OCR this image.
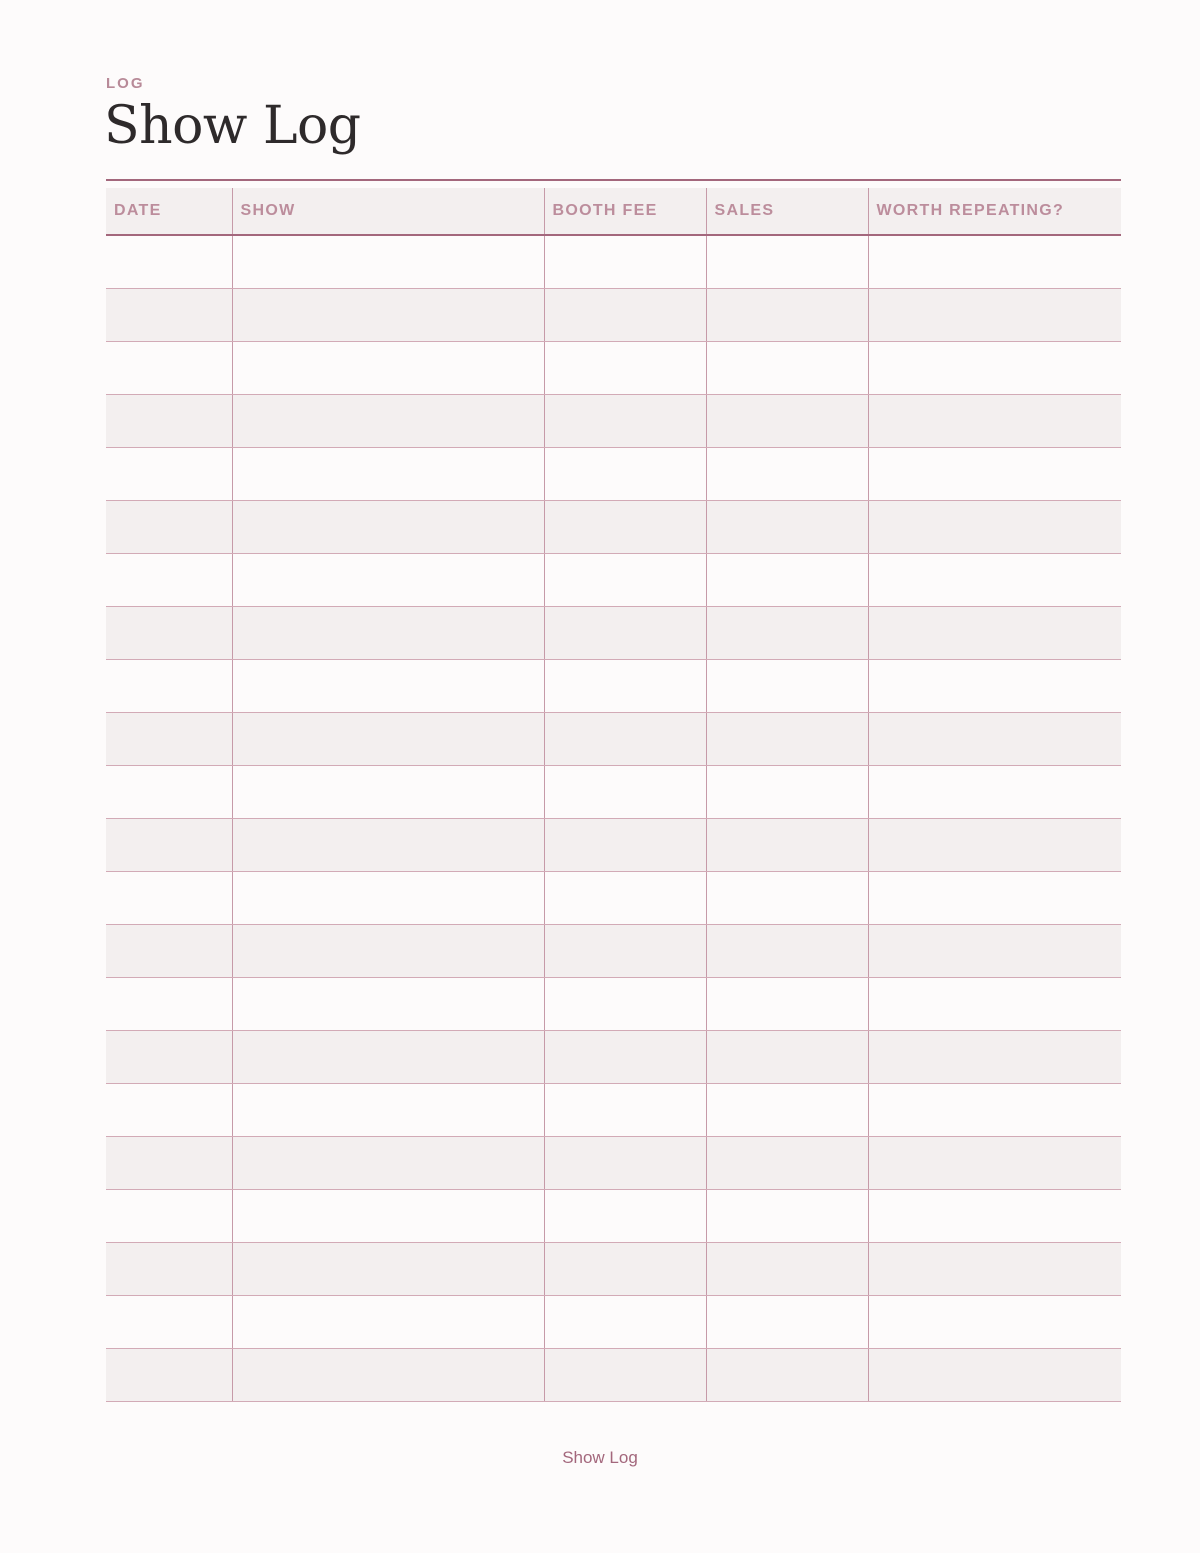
LOG
Show Log
DATE	SHOW	BOOTH FEE	SALES	WORTH REPEATING?

Show Log
